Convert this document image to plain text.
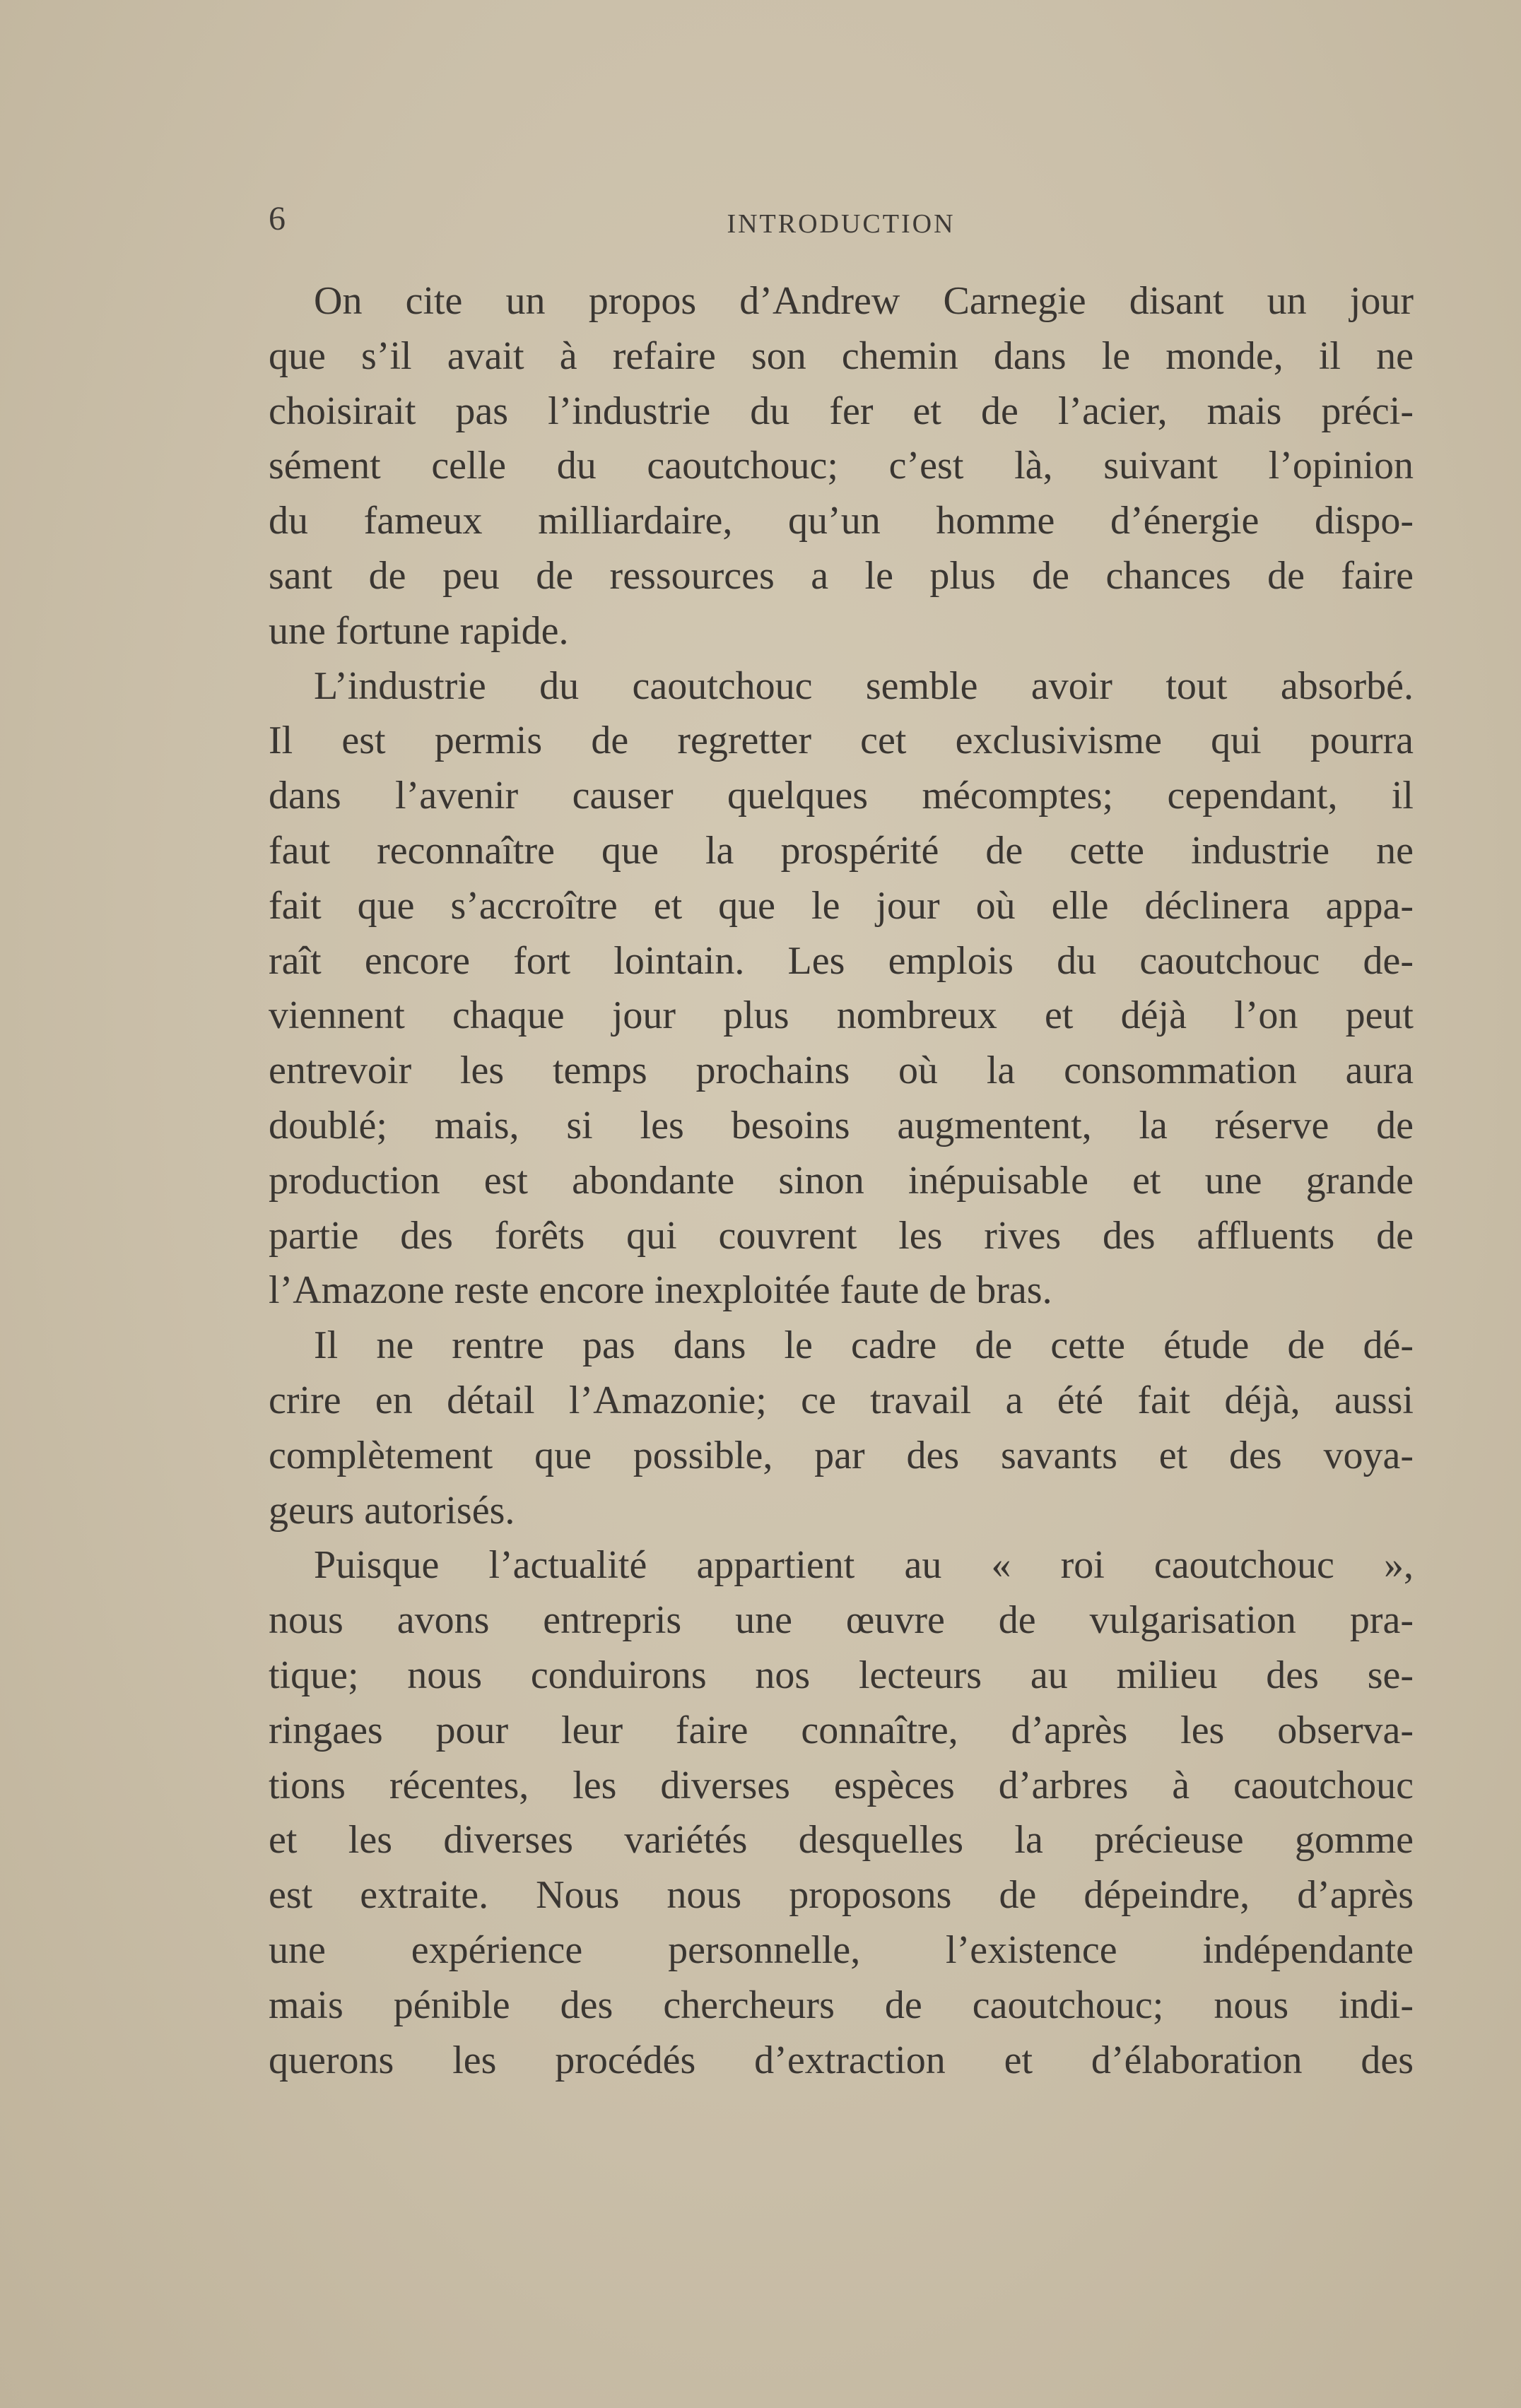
6	INTRODUCTION
On cite un propos d’Andrew Carnegie disant un jour
que s’il avait à refaire son chemin dans le monde, il ne
choisirait pas l’industrie du fer et de l’acier, mais préci-
sément celle du caoutchouc; c’est là, suivant l’opinion
du fameux milliardaire, qu’un homme d’énergie dispo-
sant de peu de ressources a le plus de chances de faire
une fortune rapide.
L’industrie du caoutchouc semble avoir tout absorbé.
Il est permis de regretter cet exclusivisme qui pourra
dans l’avenir causer quelques mécomptes; cependant, il
faut reconnaître que la prospérité de cette industrie ne
fait que s’accroître et que le jour où elle déclinera appa-
raît encore fort lointain. Les emplois du caoutchouc de-
viennent chaque jour plus nombreux et déjà l’on peut
entrevoir les temps prochains où la consommation aura
doublé; mais, si les besoins augmentent, la réserve de
production est abondante sinon inépuisable et une grande
partie des forêts qui couvrent les rives des affluents de
l’Amazone reste encore inexploitée faute de bras.
Il ne rentre pas dans le cadre de cette étude de dé-
crire en détail l’Amazonie; ce travail a été fait déjà, aussi
complètement que possible, par des savants et des voya-
geurs autorisés.
Puisque l’actualité appartient au « roi caoutchouc »,
nous avons entrepris une œuvre de vulgarisation pra-
tique; nous conduirons nos lecteurs au milieu des se-
ringaes pour leur faire connaître, d’après les observa-
tions récentes, les diverses espèces d’arbres à caoutchouc
et les diverses variétés desquelles la précieuse gomme
est extraite. Nous nous proposons de dépeindre, d’après
une expérience personnelle, l’existence indépendante
mais pénible des chercheurs de caoutchouc; nous indi-
querons les procédés d’extraction et d’élaboration des
